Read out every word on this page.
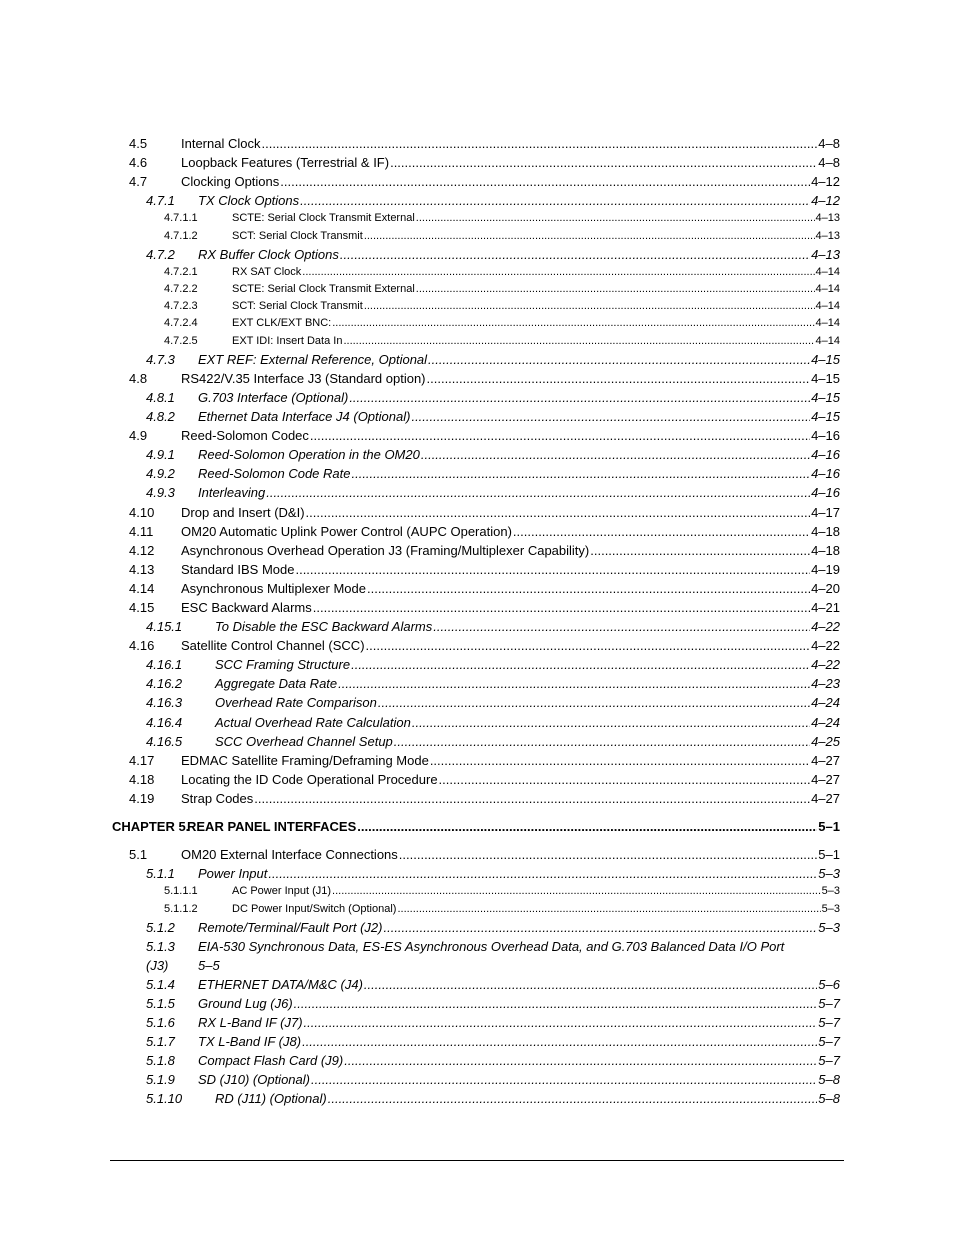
4.5	Internal Clock .....	4–8
4.6	Loopback Features (Terrestrial & IF) .....	4–8
4.7	Clocking Options .....	4–12
4.7.1 TX Clock Options .....	4–12
4.7.1.1	SCTE: Serial Clock Transmit External .....	4–13
4.7.1.2	SCT: Serial Clock Transmit .....	4–13
4.7.2 RX Buffer Clock Options .....	4–13
4.7.2.1	RX SAT Clock .....	4–14
4.7.2.2	SCTE: Serial Clock Transmit External .....	4–14
4.7.2.3	SCT: Serial Clock Transmit .....	4–14
4.7.2.4	EXT CLK/EXT BNC: .....	4–14
4.7.2.5	EXT IDI: Insert Data In .....	4–14
4.7.3 EXT REF: External Reference, Optional .....	4–15
4.8	RS422/V.35 Interface J3 (Standard option) .....	4–15
4.8.1 G.703 Interface (Optional) .....	4–15
4.8.2 Ethernet Data Interface J4 (Optional) .....	4–15
4.9	Reed-Solomon Codec .....	4–16
4.9.1 Reed-Solomon Operation in the OM20 .....	4–16
4.9.2 Reed-Solomon Code Rate .....	4–16
4.9.3 Interleaving .....	4–16
4.10 Drop and Insert (D&I) .....	4–17
4.11 OM20 Automatic Uplink Power Control (AUPC Operation) .....	4–18
4.12 Asynchronous Overhead Operation J3 (Framing/Multiplexer Capability) .....	4–18
4.13 Standard IBS Mode .....	4–19
4.14 Asynchronous Multiplexer Mode .....	4–20
4.15 ESC Backward Alarms .....	4–21
4.15.1	To Disable the ESC Backward Alarms .....	4–22
4.16 Satellite Control Channel (SCC) .....	4–22
4.16.1	SCC Framing Structure .....	4–22
4.16.2	Aggregate Data Rate .....	4–23
4.16.3	Overhead Rate Comparison .....	4–24
4.16.4	Actual Overhead Rate Calculation .....	4–24
4.16.5	SCC Overhead Channel Setup .....	4–25
4.17 EDMAC Satellite Framing/Deframing Mode .....	4–27
4.18 Locating the ID Code Operational Procedure .....	4–27
4.19 Strap Codes .....	4–27
CHAPTER 5.
REAR PANEL INTERFACES .....	5–1
5.1	OM20 External Interface Connections .....	5–1
5.1.1 Power Input .....	5–3
5.1.1.1	AC Power Input (J1) .....	5–3
5.1.1.2	DC Power Input/Switch (Optional) .....	5–3
5.1.2 Remote/Terminal/Fault Port (J2) .....	5–3
5.1.3 EIA-530 Synchronous Data, ES-ES Asynchronous Overhead Data, and G.703 Balanced Data I/O Port
(J3) 5–5
5.1.4 ETHERNET DATA/M&C (J4) .....	5–6
5.1.5 Ground Lug (J6) .....	5–7
5.1.6 RX L-Band IF (J7) .....	5–7
5.1.7 TX L-Band IF (J8) .....	5–7
5.1.8 Compact Flash Card (J9) .....	5–7
5.1.9 SD (J10) (Optional) .....	5–8
5.1.10	RD (J11) (Optional) .....	5–8
